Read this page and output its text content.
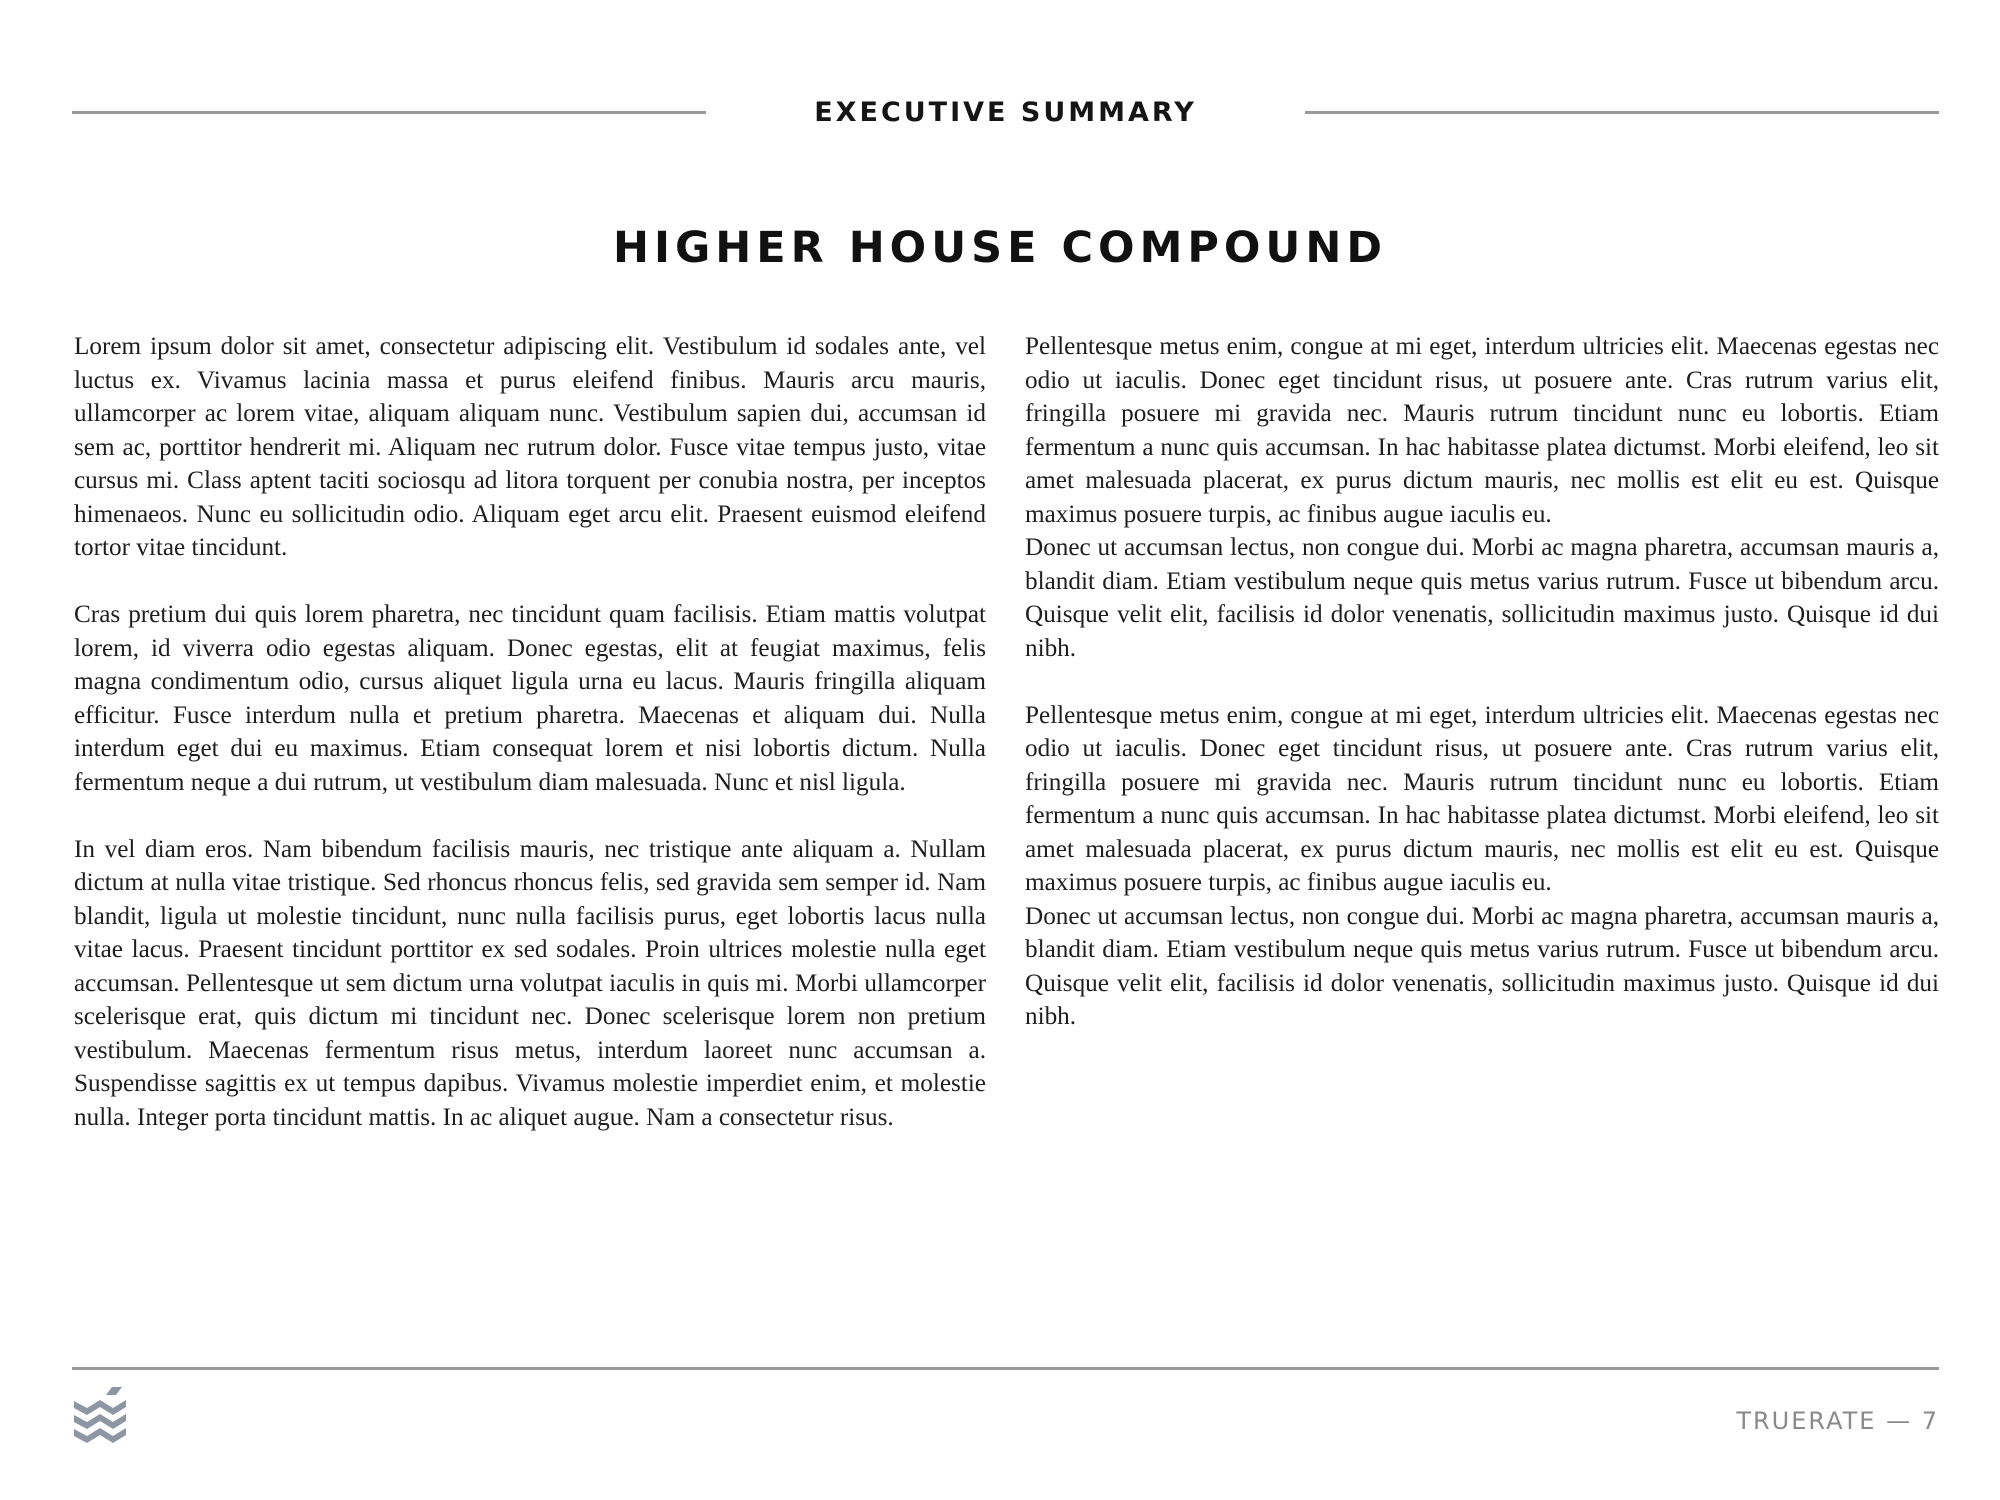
EXECUTIVE SUMMARY
HIGHER HOUSE COMPOUND

Lorem ipsum dolor sit amet, consectetur adipiscing elit. Vestibulum id sodales ante, vel luctus ex. Vivamus lacinia massa et purus eleifend finibus. Mauris arcu mauris, ullamcorper ac lorem vitae, aliquam aliquam nunc. Vestibulum sapien dui, accumsan id sem ac, porttitor hendrerit mi. Aliquam nec rutrum dolor. Fusce vitae tempus justo, vitae cursus mi. Class aptent taciti sociosqu ad litora torquent per conubia nostra, per inceptos himenaeos. Nunc eu sollicitudin odio. Aliquam eget arcu elit. Praesent euismod eleifend tortor vitae tincidunt.

Cras pretium dui quis lorem pharetra, nec tincidunt quam facilisis. Etiam mattis volutpat lorem, id viverra odio egestas aliquam. Donec egestas, elit at feugiat maximus, felis magna condimentum odio, cursus aliquet ligula urna eu lacus. Mauris fringilla aliquam efficitur. Fusce interdum nulla et pretium pharetra. Maecenas et aliquam dui. Nulla interdum eget dui eu maximus. Etiam consequat lorem et nisi lobortis dictum. Nulla fermentum neque a dui rutrum, ut vestibulum diam malesuada. Nunc et nisl ligula.

In vel diam eros. Nam bibendum facilisis mauris, nec tristique ante aliquam a. Nullam dictum at nulla vitae tristique. Sed rhoncus rhoncus felis, sed gravida sem semper id. Nam blandit, ligula ut molestie tincidunt, nunc nulla facilisis purus, eget lobortis lacus nulla vitae lacus. Praesent tincidunt porttitor ex sed sodales. Proin ultrices molestie nulla eget accumsan. Pellentesque ut sem dictum urna volutpat iaculis in quis mi. Morbi ullamcorper scelerisque erat, quis dictum mi tincidunt nec. Donec scelerisque lorem non pretium vestibulum. Maecenas fermentum risus metus, interdum laoreet nunc accumsan a. Suspendisse sagittis ex ut tempus dapibus. Vivamus molestie imperdiet enim, et molestie nulla. Integer porta tincidunt mattis. In ac aliquet augue. Nam a consectetur risus.

Pellentesque metus enim, congue at mi eget, interdum ultricies elit. Maecenas egestas nec odio ut iaculis. Donec eget tincidunt risus, ut posuere ante. Cras rutrum varius elit, fringilla posuere mi gravida nec. Mauris rutrum tincidunt nunc eu lobortis. Etiam fermentum a nunc quis accumsan. In hac habitasse platea dictumst. Morbi eleifend, leo sit amet malesuada placerat, ex purus dictum mauris, nec mollis est elit eu est. Quisque maximus posuere turpis, ac finibus augue iaculis eu.

Donec ut accumsan lectus, non congue dui. Morbi ac magna pharetra, accumsan mauris a, blandit diam. Etiam vestibulum neque quis metus varius rutrum. Fusce ut bibendum arcu. Quisque velit elit, facilisis id dolor venenatis, sollicitudin maximus justo. Quisque id dui nibh.

Pellentesque metus enim, congue at mi eget, interdum ultricies elit. Maecenas egestas nec odio ut iaculis. Donec eget tincidunt risus, ut posuere ante. Cras rutrum varius elit, fringilla posuere mi gravida nec. Mauris rutrum tincidunt nunc eu lobortis. Etiam fermentum a nunc quis accumsan. In hac habitasse platea dictumst. Morbi eleifend, leo sit amet malesuada placerat, ex purus dictum mauris, nec mollis est elit eu est. Quisque maximus posuere turpis, ac finibus augue iaculis eu.

Donec ut accumsan lectus, non congue dui. Morbi ac magna pharetra, accumsan mauris a, blandit diam. Etiam vestibulum neque quis metus varius rutrum. Fusce ut bibendum arcu. Quisque velit elit, facilisis id dolor venenatis, sollicitudin maximus justo. Quisque id dui nibh.

TRUERATE — 7
